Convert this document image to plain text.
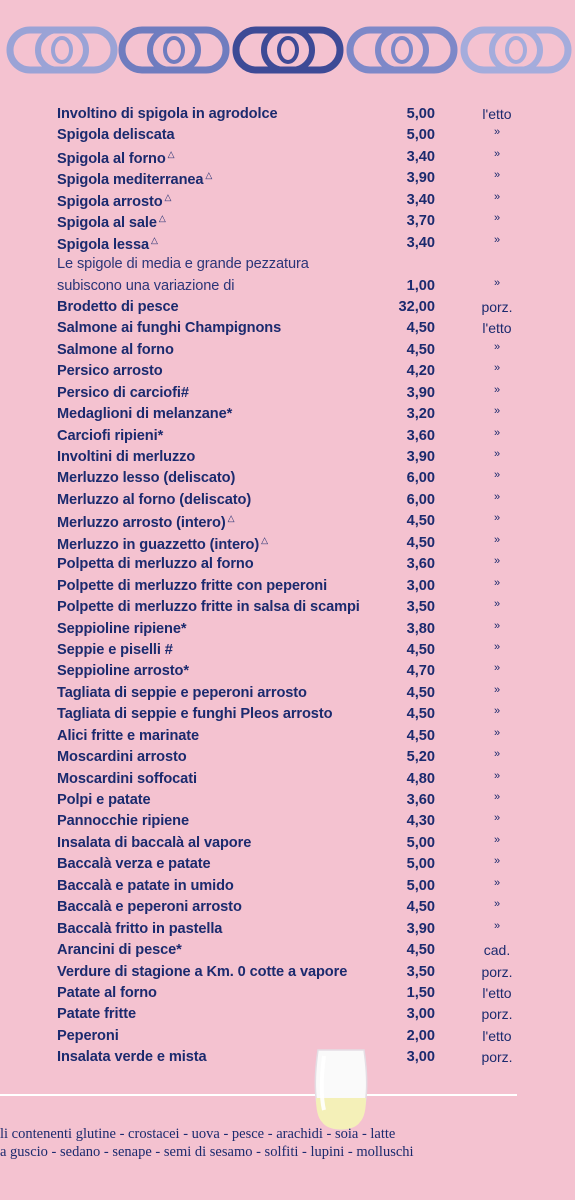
Involtino di spigola in agrodolce	5,00	l'etto
Spigola deliscata	5,00	»
Spigola al forno △	3,40	»
Spigola mediterranea △	3,90	»
Spigola arrosto △	3,40	»
Spigola al sale △	3,70	»
Spigola lessa △	3,40	»
Le spigole di media e grande pezzatura
subiscono una variazione di	1,00	»
Brodetto di pesce	32,00	porz.
Salmone ai funghi Champignons	4,50	l'etto
Salmone al forno	4,50	»
Persico arrosto	4,20	»
Persico di carciofi#	3,90	»
Medaglioni di melanzane*	3,20	»
Carciofi ripieni*	3,60	»
Involtini di merluzzo	3,90	»
Merluzzo lesso (deliscato)	6,00	»
Merluzzo al forno (deliscato)	6,00	»
Merluzzo arrosto (intero) △	4,50	»
Merluzzo in guazzetto (intero) △	4,50	»
Polpetta di merluzzo al forno	3,60	»
Polpette di merluzzo fritte con peperoni	3,00	»
Polpette di merluzzo fritte in salsa di scampi	3,50	»
Seppioline ripiene*	3,80	»
Seppie e piselli #	4,50	»
Seppioline arrosto*	4,70	»
Tagliata di seppie e peperoni arrosto	4,50	»
Tagliata di seppie e funghi Pleos arrosto	4,50	»
Alici fritte e marinate	4,50	»
Moscardini arrosto	5,20	»
Moscardini soffocati	4,80	»
Polpi e patate	3,60	»
Pannocchie ripiene	4,30	»
Insalata di baccalà al vapore	5,00	»
Baccalà verza e patate	5,00	»
Baccalà e patate in umido	5,00	»
Baccalà e peperoni arrosto	4,50	»
Baccalà fritto in pastella	3,90	»
Arancini di pesce*	4,50	cad.
Verdure di stagione a Km. 0 cotte a vapore	3,50	porz.
Patate al forno	1,50	l'etto
Patate fritte	3,00	porz.
Peperoni	2,00	l'etto
Insalata verde e mista	3,00	porz.
li contenenti glutine - crostacei - uova - pesce - arachidi - soia - latte
a guscio - sedano - senape - semi di sesamo - solfiti - lupini - molluschi
